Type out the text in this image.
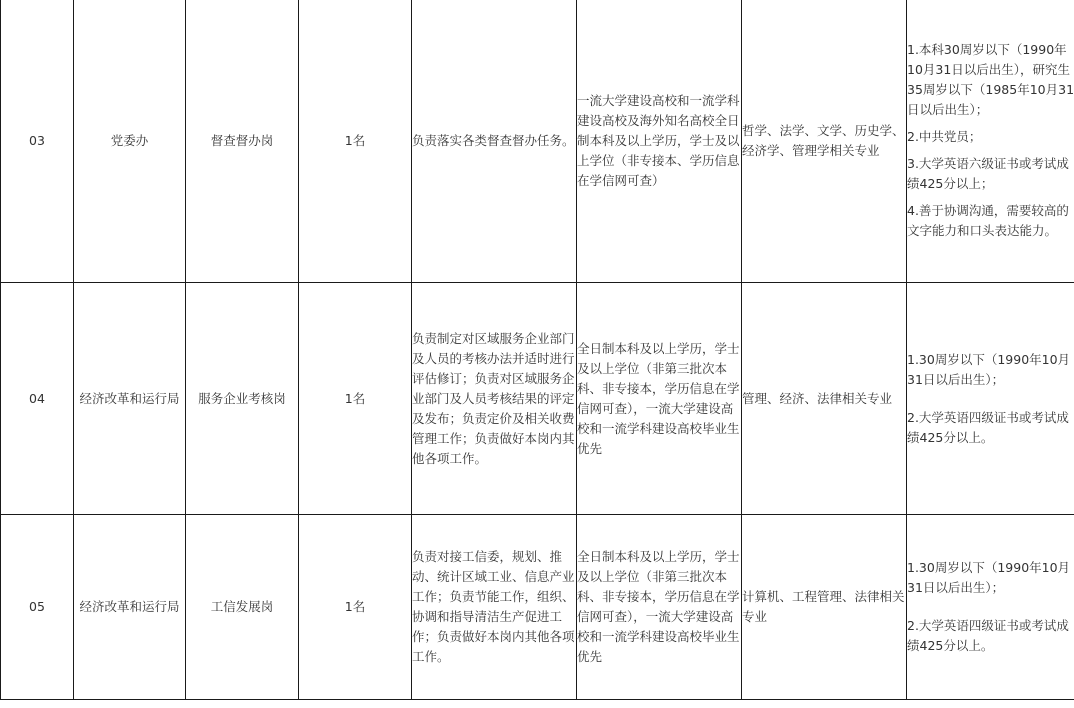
03	党委办	督查督办岗	1名	负责落实各类督查督办任务。	一流大学建设高校和一流学科建设高校及海外知名高校全日制本科及以上学历，学士及以上学位（非专接本、学历信息在学信网可查）	哲学、法学、文学、历史学、经济学、管理学相关专业	1.本科30周岁以下（1990年10月31日以后出生），研究生35周岁以下（1985年10月31日以后出生）；

2.中共党员；

3.大学英语六级证书或考试成绩425分以上；

4.善于协调沟通，需要较高的文字能力和口头表达能力。

04	经济改革和运行局	服务企业考核岗	1名	负责制定对区域服务企业部门及人员的考核办法并适时进行评估修订；负责对区域服务企业部门及人员考核结果的评定及发布；负责定价及相关收费管理工作；负责做好本岗内其他各项工作。	全日制本科及以上学历，学士及以上学位（非第三批次本科、非专接本，学历信息在学信网可查），一流大学建设高校和一流学科建设高校毕业生优先	管理、经济、法律相关专业	1.30周岁以下（1990年10月31日以后出生）；

2.大学英语四级证书或考试成绩425分以上。

05	经济改革和运行局	工信发展岗	1名	负责对接工信委，规划、推动、统计区域工业、信息产业工作；负责节能工作，组织、协调和指导清洁生产促进工作；负责做好本岗内其他各项工作。	全日制本科及以上学历，学士及以上学位（非第三批次本科、非专接本，学历信息在学信网可查），一流大学建设高校和一流学科建设高校毕业生优先	计算机、工程管理、法律相关专业	1.30周岁以下（1990年10月31日以后出生）；

2.大学英语四级证书或考试成绩425分以上。
